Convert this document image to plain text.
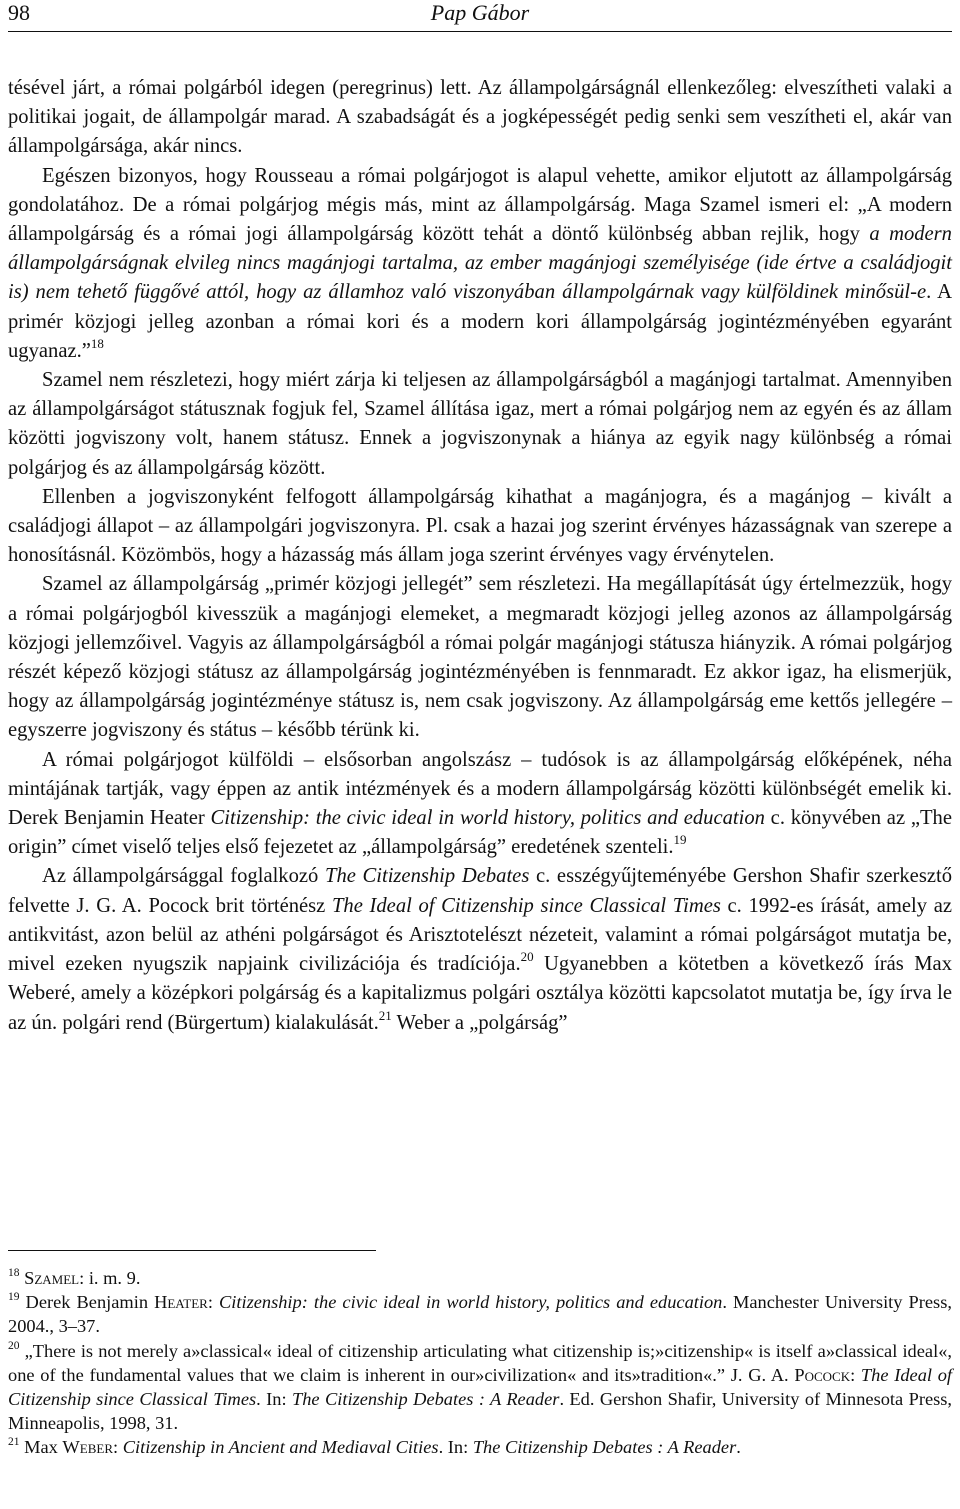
98	Pap Gábor

tésével járt, a római polgárból idegen (peregrinus) lett. Az állampolgárságnál ellenkezőleg: elveszítheti valaki a politikai jogait, de állampolgár marad. A szabadságát és a jogképességét pedig senki sem veszítheti el, akár van állampolgársága, akár nincs.

Egészen bizonyos, hogy Rousseau a római polgárjogot is alapul vehette, amikor eljutott az állampolgárság gondolatához. De a római polgárjog mégis más, mint az állampolgárság. Maga Szamel ismeri el: „A modern állampolgárság és a római jogi állampolgárság között tehát a döntő különbség abban rejlik, hogy a modern állampolgárságnak elvileg nincs magánjogi tartalma, az ember magánjogi személyisége (ide értve a családjogit is) nem tehető függővé attól, hogy az államhoz való viszonyában állampolgárnak vagy külföldinek minősül-e. A primér közjogi jelleg azonban a római kori és a modern kori állampolgárság jogintézményében egyaránt ugyanaz.”$^{18}$

Szamel nem részletezi, hogy miért zárja ki teljesen az állampolgárságból a magánjogi tartalmat. Amennyiben az állampolgárságot státusznak fogjuk fel, Szamel állítása igaz, mert a római polgárjog nem az egyén és az állam közötti jogviszony volt, hanem státusz. Ennek a jogviszonynak a hiánya az egyik nagy különbség a római polgárjog és az állampolgárság között.

Ellenben a jogviszonyként felfogott állampolgárság kihathat a magánjogra, és a magánjog – kivált a családjogi állapot – az állampolgári jogviszonyra. Pl. csak a hazai jog szerint érvényes házasságnak van szerepe a honosításnál. Közömbös, hogy a házasság más állam joga szerint érvényes vagy érvénytelen.

Szamel az állampolgárság „primér közjogi jellegét” sem részletezi. Ha megállapítását úgy értelmezzük, hogy a római polgárjogból kivesszük a magánjogi elemeket, a megmaradt közjogi jelleg azonos az állampolgárság közjogi jellemzőivel. Vagyis az állampolgárságból a római polgár magánjogi státusza hiányzik. A római polgárjog részét képező közjogi státusz az állampolgárság jogintézményében is fennmaradt. Ez akkor igaz, ha elismerjük, hogy az állampolgárság jogintézménye státusz is, nem csak jogviszony. Az állampolgárság eme kettős jellegére – egyszerre jogviszony és státus – később térünk ki.

A római polgárjogot külföldi – elsősorban angolszász – tudósok is az állampolgárság előképének, néha mintájának tartják, vagy éppen az antik intézmények és a modern állampolgárság közötti különbségét emelik ki. Derek Benjamin Heater Citizenship: the civic ideal in world history, politics and education c. könyvében az „The origin” címet viselő teljes első fejezetet az „állampolgárság” eredetének szenteli.$^{19}$

Az állampolgársággal foglalkozó The Citizenship Debates c. esszégyűjteményébe Gershon Shafir szerkesztő felvette J. G. A. Pocock brit történész The Ideal of Citizenship since Classical Times c. 1992-es írását, amely az antikvitást, azon belül az athéni polgárságot és Arisztotelészt nézeteit, valamint a római polgárságot mutatja be, mivel ezeken nyugszik napjaink civilizációja és tradíciója.$^{20}$ Ugyanebben a kötetben a következő írás Max Weberé, amely a középkori polgárság és a kapitalizmus polgári osztálya közötti kapcsolatot mutatja be, így írva le az ún. polgári rend (Bürgertum) kialakulását.$^{21}$ Weber a „polgárság”

$^{18}$ Szamel: i. m. 9.

$^{19}$ Derek Benjamin Heater: Citizenship: the civic ideal in world history, politics and education. Manchester University Press, 2004., 3–37.

$^{20}$ „There is not merely a»classical« ideal of citizenship articulating what citizenship is;»citizenship« is itself a»classical ideal«, one of the fundamental values that we claim is inherent in our»civilization« and its»tradition«.” J. G. A. Pocock: The Ideal of Citizenship since Classical Times. In: The Citizenship Debates : A Reader. Ed. Gershon Shafir, University of Minnesota Press, Minneapolis, 1998, 31.

$^{21}$ Max Weber: Citizenship in Ancient and Mediaval Cities. In: The Citizenship Debates : A Reader.
